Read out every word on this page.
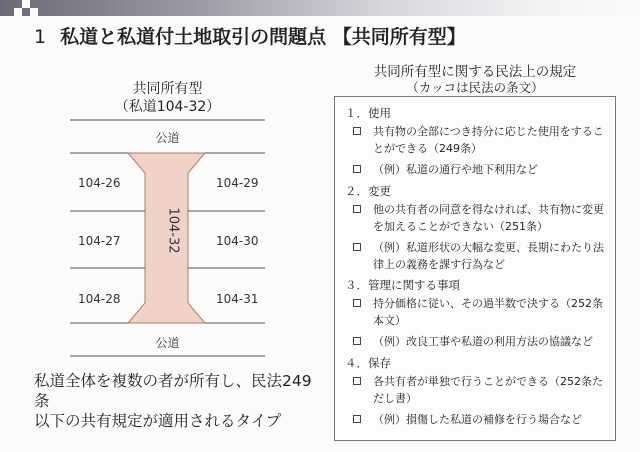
1 私道と私道付土地取引の問題点 【共同所有型】
共同所有型
（私道104-32）
公道
公道
104-26
104-27
104-28
104-29
104-30
104-31
104-32
私道全体を複数の者が所有し、民法249条
以下の共有規定が適用されるタイプ
共同所有型に関する民法上の規定
（カッコは民法の条文）
１．使用
共有物の全部につき持分に応じた使用をすることができる（249条）
（例）私道の通行や地下利用など
２．変更
他の共有者の同意を得なければ、共有物に変更を加えることができない（251条）
（例）私道形状の大幅な変更、長期にわたり法律上の義務を課す行為など
３．管理に関する事項
持分価格に従い、その過半数で決する（252条本文）
（例）改良工事や私道の利用方法の協議など
４．保存
各共有者が単独で行うことができる（252条ただし書）
（例）損傷した私道の補修を行う場合など
